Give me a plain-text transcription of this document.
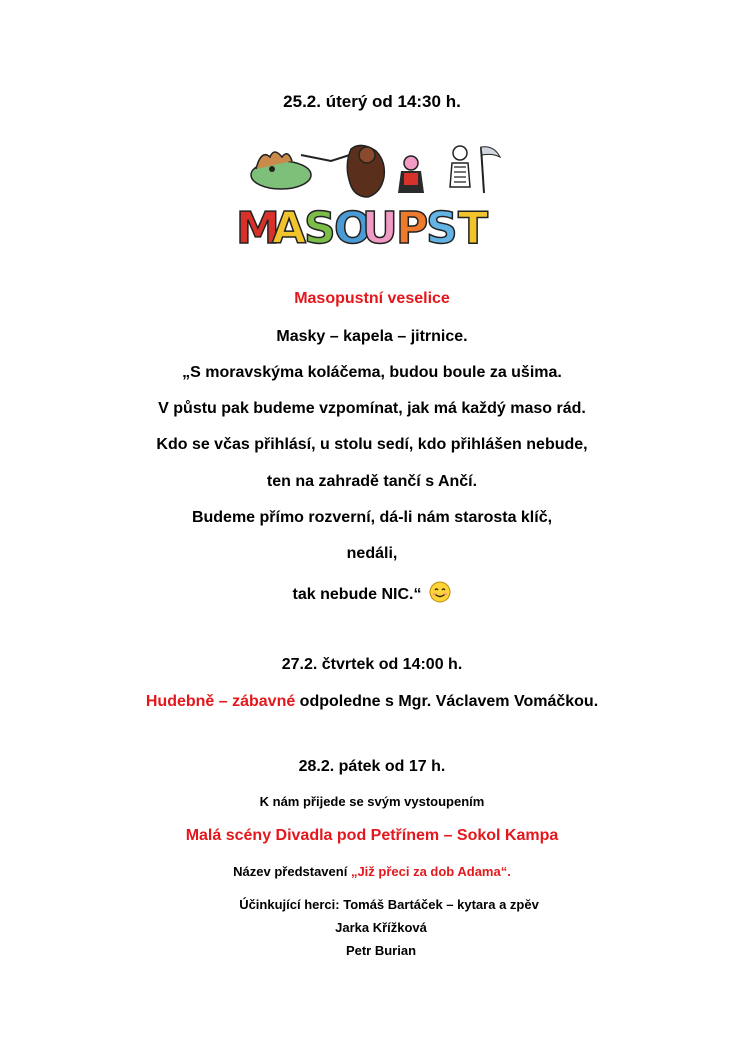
25.2. úterý od 14:30 h.
M
A
S
O
U
P
S T
Masopustní veselice
Masky – kapela – jitrnice.
„S moravskýma koláčema, budou boule za ušima.
V půstu pak budeme vzpomínat, jak má každý maso rád.
Kdo se včas přihlásí, u stolu sedí, kdo přihlášen nebude,
ten na zahradě tančí s Ančí.
Budeme přímo rozverní, dá-li nám starosta klíč,
nedáli,
tak nebude NIC.“
27.2. čtvrtek od 14:00 h.
Hudebně – zábavné odpoledne s Mgr. Václavem Vomáčkou.
28.2. pátek od 17 h.
K nám přijede se svým vystoupením
Malá scény Divadla pod Petřínem – Sokol Kampa
Název představení „Již přeci za dob Adama“.
Účinkující herci: Tomáš Bartáček – kytara a zpěv
Jarka Křížková
Petr Burian
